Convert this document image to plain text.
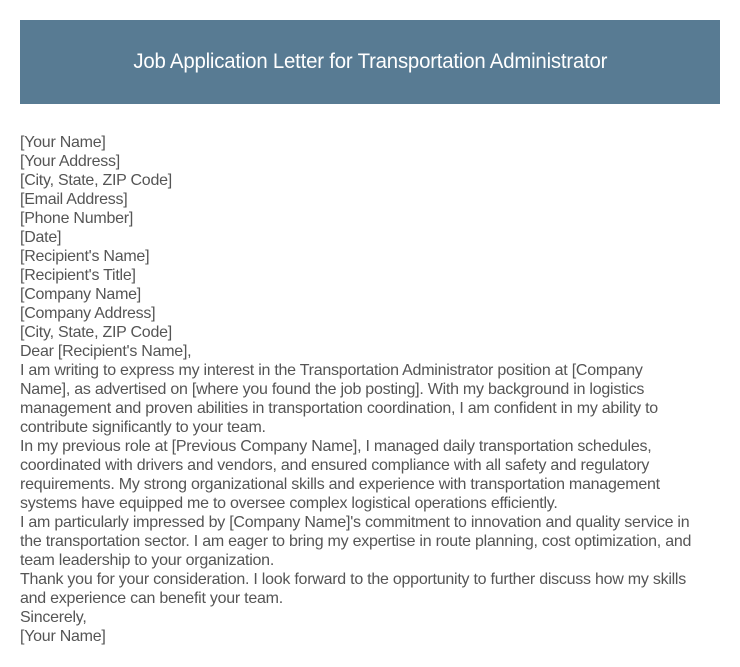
Job Application Letter for Transportation Administrator
[Your Name]
[Your Address]
[City, State, ZIP Code]
[Email Address]
[Phone Number]
[Date]
[Recipient's Name]
[Recipient's Title]
[Company Name]
[Company Address]
[City, State, ZIP Code]
Dear [Recipient's Name],

I am writing to express my interest in the Transportation Administrator position at [Company
Name], as advertised on [where you found the job posting]. With my background in logistics
management and proven abilities in transportation coordination, I am confident in my ability to
contribute significantly to your team.

In my previous role at [Previous Company Name], I managed daily transportation schedules,
coordinated with drivers and vendors, and ensured compliance with all safety and regulatory
requirements. My strong organizational skills and experience with transportation management
systems have equipped me to oversee complex logistical operations efficiently.

I am particularly impressed by [Company Name]'s commitment to innovation and quality service in
the transportation sector. I am eager to bring my expertise in route planning, cost optimization, and
team leadership to your organization.

Thank you for your consideration. I look forward to the opportunity to further discuss how my skills
and experience can benefit your team.

Sincerely,
[Your Name]
